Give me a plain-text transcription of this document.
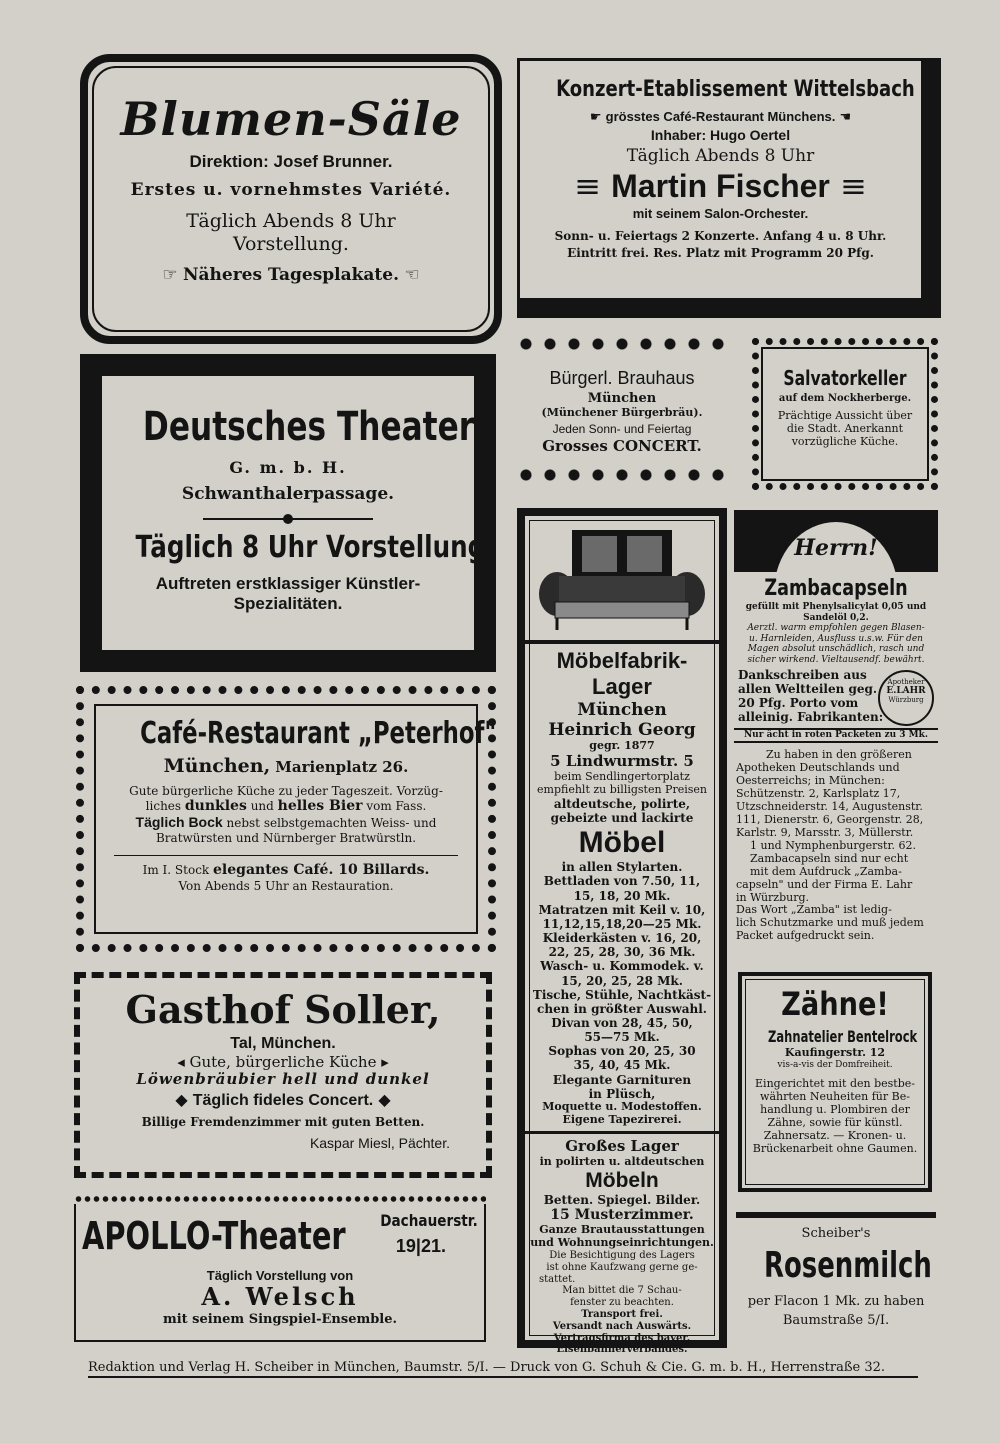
Blumen-Säle
Direktion: Josef Brunner.
Erstes u. vornehmstes Variété.
Täglich Abends 8 Uhr
Vorstellung.
☞ Näheres Tagesplakate. ☜
Konzert-Etablissement Wittelsbach
☛ grösstes Café-Restaurant Münchens. ☚
Inhaber: Hugo Oertel
Täglich Abends 8 Uhr
≡ Martin Fischer ≡
mit seinem Salon-Orchester.
Sonn- u. Feiertags 2 Konzerte. Anfang 4 u. 8 Uhr.
Eintritt frei. Res. Platz mit Programm 20 Pfg.
Deutsches Theater
G. m. b. H.
Schwanthalerpassage.
Täglich 8 Uhr Vorstellung.
Auftreten erstklassiger Künstler-
Spezialitäten.
Bürgerl. Brauhaus
München
(Münchener Bürgerbräu).
Jeden Sonn- und Feiertag
Grosses CONCERT.
Salvatorkeller
auf dem Nockherberge.
Prächtige Aussicht über
die Stadt. Anerkannt
vorzügliche Küche.
Möbelfabrik-
Lager
München
Heinrich Georg
gegr. 1877
5 Lindwurmstr. 5
beim Sendlingertorplatz
empfiehlt zu billigsten Preisen
altdeutsche, polirte,
gebeizte und lackirte
Möbel
in allen Stylarten.
Bettladen von 7.50, 11,
15, 18, 20 Mk.
Matratzen mit Keil v. 10,
11,12,15,18,20—25 Mk.
Kleiderkästen v. 16, 20,
22, 25, 28, 30, 36 Mk.
Wasch- u. Kommodek. v.
15, 20, 25, 28 Mk.
Tische, Stühle, Nachtkäst-
chen in größter Auswahl.
Divan von 28, 45, 50,
55—75 Mk.
Sophas von 20, 25, 30
35, 40, 45 Mk.
Elegante Garnituren
in Plüsch,
Moquette u. Modestoffen.
Eigene Tapezirerei.
Großes Lager
in polirten u. altdeutschen
Möbeln
Betten. Spiegel. Bilder.
15 Musterzimmer.
Ganze Brautausstattungen
und Wohnungseinrichtungen.
Die Besichtigung des Lagers
ist ohne Kaufzwang gerne ge-
stattet.
Man bittet die 7 Schau-
fenster zu beachten.
Transport frei.
Versandt nach Auswärts.
Vertragsfirma des bayer.
Eisenbahnerverbandes.
Herrn!
Zambacapseln
gefüllt mit Phenylsalicylat 0,05 und
Sandelöl 0,2.
Aerztl. warm empfohlen gegen Blasen-
u. Harnleiden, Ausfluss u.s.w. Für den
Magen absolut unschädlich, rasch und
sicher wirkend. Vieltausendf. bewährt.
Dankschreiben aus
allen Weltteilen geg.
20 Pfg. Porto vom
alleinig. Fabrikanten:
Apotheker
E.LAHR
Würzburg
Nur ächt in roten Packeten zu 3 Mk.
Zu haben in den größeren
Apotheken Deutschlands und
Oesterreichs; in München:
Schützenstr. 2, Karlsplatz 17,
Utzschneiderstr. 14, Augustenstr.
111, Dienerstr. 6, Georgenstr. 28,
Karlstr. 9, Marsstr. 3, Müllerstr.
1 und Nymphenburgerstr. 62.
Zambacapseln sind nur echt
mit dem Aufdruck „Zamba-
capseln" und der Firma E. Lahr
in Würzburg.
Das Wort „Zamba" ist ledig-
lich Schutzmarke und muß jedem
Packet aufgedruckt sein.
Café-Restaurant „Peterhof"
München, Marienplatz 26.
Gute bürgerliche Küche zu jeder Tageszeit. Vorzüg-
liches dunkles und helles Bier vom Fass.
Täglich Bock nebst selbstgemachten Weiss- und
Bratwürsten und Nürnberger Bratwürstln.
Im I. Stock elegantes Café. 10 Billards.
Von Abends 5 Uhr an Restauration.
Gasthof Soller,
Tal, München.
◂ Gute, bürgerliche Küche ▸
Löwenbräubier hell und dunkel
◆ Täglich fideles Concert. ◆
Billige Fremdenzimmer mit guten Betten.
Kaspar Miesl, Pächter.
Zähne!
Zahnatelier Bentelrock
Kaufingerstr. 12
vis-a-vis der Domfreiheit.
Eingerichtet mit den bestbe-
währten Neuheiten für Be-
handlung u. Plombiren der
Zähne, sowie für künstl.
Zahnersatz. — Kronen- u.
Brückenarbeit ohne Gaumen.
APOLLO-Theater Dachauerstr.
19|21.
Täglich Vorstellung von
A. Welsch
mit seinem Singspiel-Ensemble.
Scheiber's
Rosenmilch
per Flacon 1 Mk. zu haben
Baumstraße 5/I.
Redaktion und Verlag H. Scheiber in München, Baumstr. 5/I. — Druck von G. Schuh & Cie. G. m. b. H., Herrenstraße 32.
